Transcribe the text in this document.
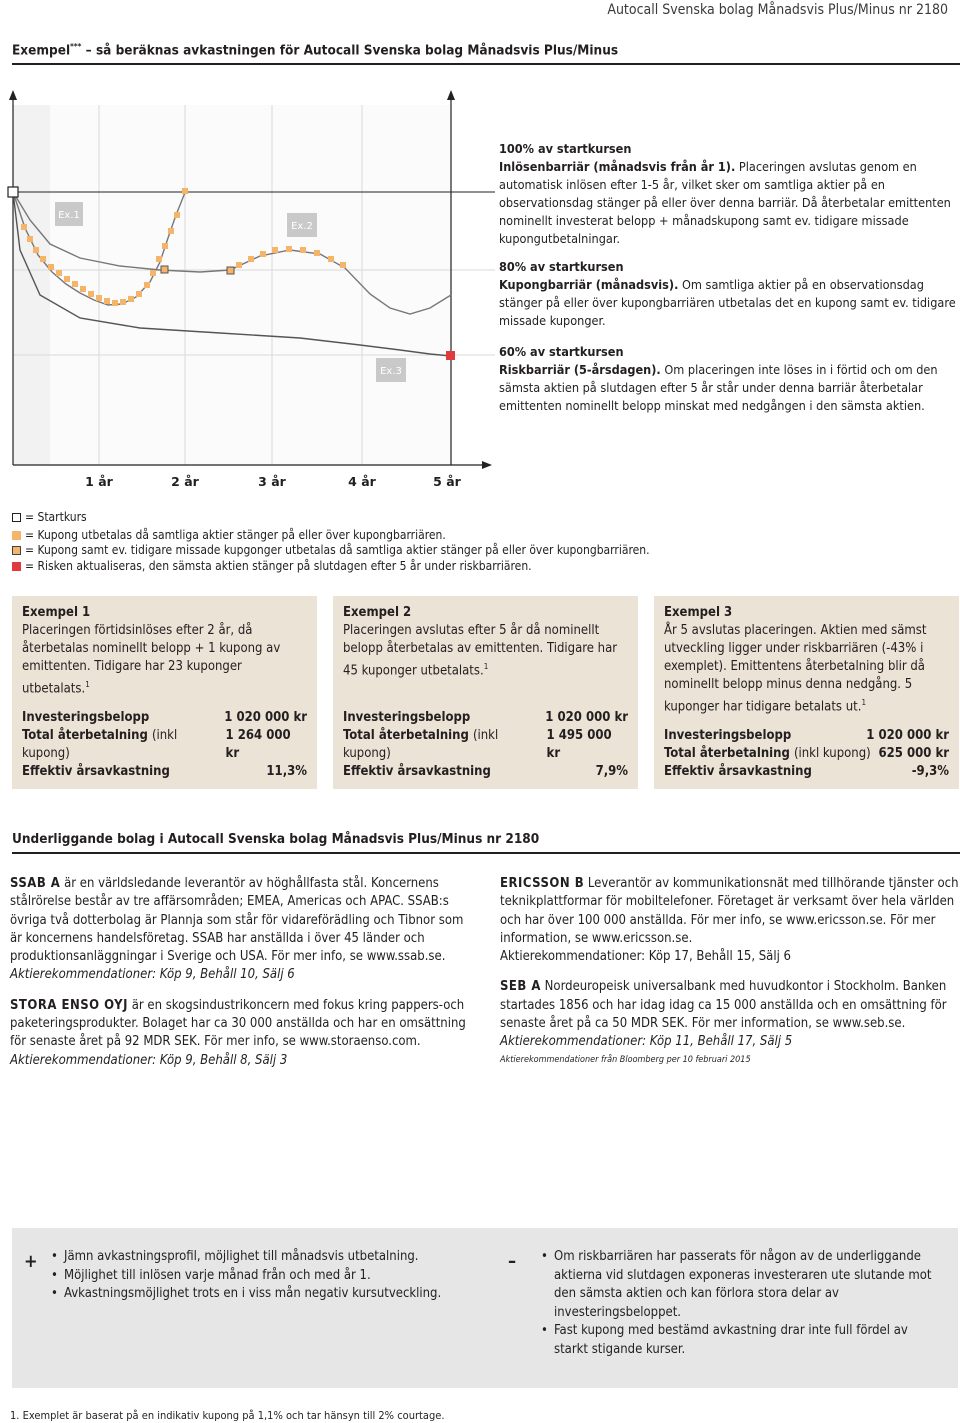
Autocall Svenska bolag Månadsvis Plus/Minus nr 2180
Exempel*** – så beräknas avkastningen för Autocall Svenska bolag Månadsvis Plus/Minus
Ex.1
Ex.2
Ex.3
1 år	2 år	3 år	4 år	5 år
100% av startkursen
Inlösenbarriär (månadsvis från år 1). Placeringen avslutas genom en automatisk inlösen efter 1-5 år, vilket sker om samtliga aktier på en observationsdag stänger på eller över denna barriär. Då återbetalar emittenten nominellt investerat belopp + månadskupong samt ev. tidigare missade kupongutbetalningar.
80% av startkursen
Kupongbarriär (månadsvis). Om samtliga aktier på en observationsdag stänger på eller över kupongbarriären utbetalas det en kupong samt ev. tidigare missade kuponger.
60% av startkursen
Riskbarriär (5-årsdagen). Om placeringen inte löses in i förtid och om den sämsta aktien på slutdagen efter 5 år står under denna barriär återbetalar emittenten nominellt belopp minskat med nedgången i den sämsta aktien.
= Startkurs
= Kupong utbetalas då samtliga aktier stänger på eller över kupongbarriären.
= Kupong samt ev. tidigare missade kupgonger utbetalas då samtliga aktier stänger på eller över kupongbarriären.
= Risken aktualiseras, den sämsta aktien stänger på slutdagen efter 5 år under riskbarriären.
Exempel 1
Placeringen förtidsinlöses efter 2 år, då återbetalas nominellt belopp + 1 kupong av emittenten. Tidigare har 23 kuponger utbetalats.$^1$
Investeringsbelopp	1 020 000 kr
Total återbetalning (inkl kupong)
1 264 000 kr
Effektiv årsavkastning	11,3%
Exempel 2
Placeringen avslutas efter 5 år då nominellt belopp återbetalas av emittenten. Tidigare har 45 kuponger utbetalats.$^1$
Investeringsbelopp	1 020 000 kr
Total återbetalning (inkl kupong)
1 495 000 kr
Effektiv årsavkastning	7,9%
Exempel 3
År 5 avslutas placeringen. Aktien med sämst utveckling ligger under riskbarriären (-43% i exemplet). Emittentens återbetalning blir då nominellt belopp minus denna nedgång. 5 kuponger har tidigare betalats ut.$^1$
Investeringsbelopp	1 020 000 kr
Total återbetalning (inkl kupong) 625 000 kr
Effektiv årsavkastning	-9,3%
Underliggande bolag i Autocall Svenska bolag Månadsvis Plus/Minus nr 2180

SSAB A är en världsledande leverantör av höghållfasta stål. Koncernens stålrörelse består av tre affärsområden; EMEA, Americas och APAC. SSAB:s övriga två dotterbolag är Plannja som står för vidareförädling och Tibnor som är koncernens handelsföretag. SSAB har anställda i över 45 länder och produktionsanläggningar i Sverige och USA. För mer info, se www.ssab.se.
Aktierekommendationer: Köp 9, Behåll 10, Sälj 6

STORA ENSO OYJ är en skogsindustrikoncern med fokus kring pappers-och paketeringsprodukter. Bolaget har ca 30 000 anställda och har en omsättning för senaste året på 92 MDR SEK. För mer info, se www.storaenso.com.
Aktierekommendationer: Köp 9, Behåll 8, Sälj 3

ERICSSON B Leverantör av kommunikationsnät med tillhörande tjänster och teknikplattformar för mobiltelefoner. Företaget är verksamt över hela världen och har över 100 000 anställda. För mer info, se www.ericsson.se. För mer information, se www.ericsson.se.
Aktierekommendationer: Köp 17, Behåll 15, Sälj 6

SEB A Nordeuropeisk universalbank med huvudkontor i Stockholm. Banken startades 1856 och har idag idag ca 15 000 anställda och en omsättning för senaste året på ca 50 MDR SEK. För mer information, se www.seb.se.
Aktierekommendationer: Köp 11, Behåll 17, Sälj 5

Aktierekommendationer från Bloomberg per 10 februari 2015
+ • Jämn avkastningsprofil, möjlighet till månadsvis utbetalning.
• Möjlighet till inlösen varje månad från och med år 1.
• Avkastningsmöjlighet trots en i viss mån negativ kursutveckling.
–	• Om riskbarriären har passerats för någon av de underliggande aktierna vid slutdagen exponeras investeraren ute slutande mot den sämsta aktien och kan förlora stora delar av investeringsbeloppet.
• Fast kupong med bestämd avkastning drar inte full fördel av starkt stigande kurser.
1. Exemplet är baserat på en indikativ kupong på 1,1% och tar hänsyn till 2% courtage.
